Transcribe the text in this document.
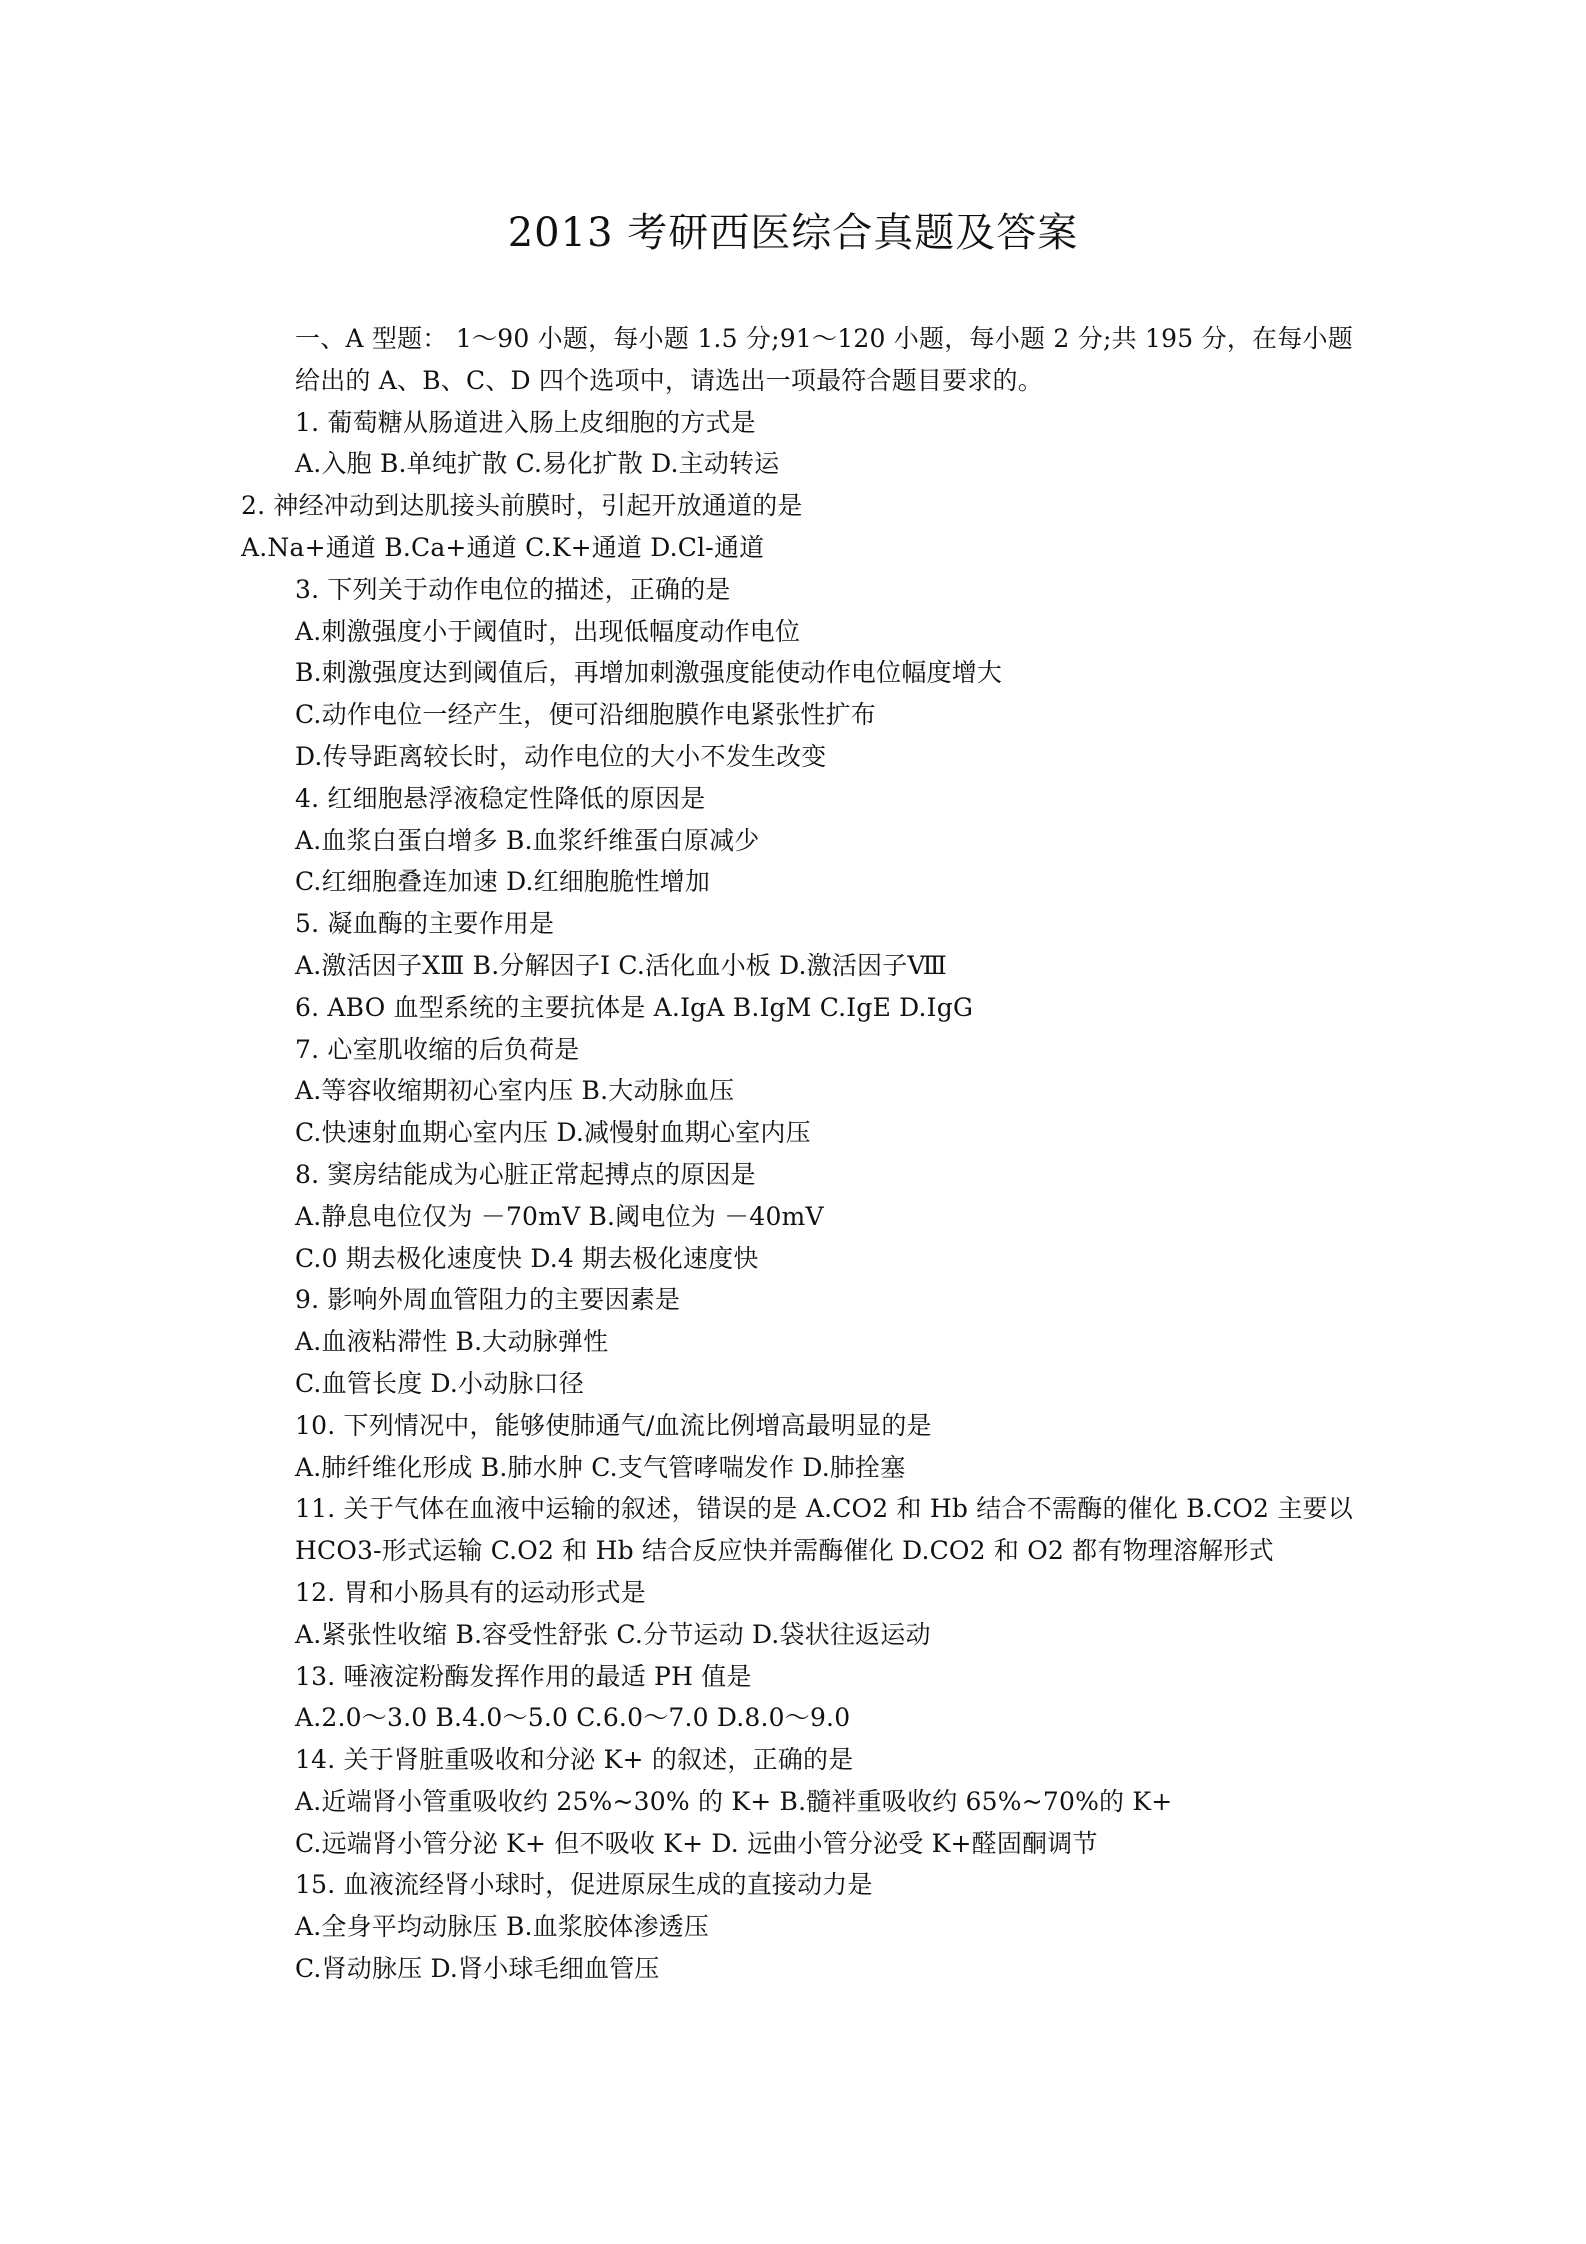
2013 考研西医综合真题及答案

一、A 型题： 1～90 小题，每小题 1.5 分;91～120 小题，每小题 2 分;共 195 分，在每小题给出的 A、B、C、D 四个选项中，请选出一项最符合题目要求的。

1. 葡萄糖从肠道进入肠上皮细胞的方式是

A.入胞 B.单纯扩散 C.易化扩散 D.主动转运

2. 神经冲动到达肌接头前膜时，引起开放通道的是

A.Na+通道 B.Ca+通道 C.K+通道 D.Cl-通道

3. 下列关于动作电位的描述，正确的是

A.刺激强度小于阈值时，出现低幅度动作电位

B.刺激强度达到阈值后，再增加刺激强度能使动作电位幅度增大

C.动作电位一经产生，便可沿细胞膜作电紧张性扩布

D.传导距离较长时，动作电位的大小不发生改变

4. 红细胞悬浮液稳定性降低的原因是

A.血浆白蛋白增多 B.血浆纤维蛋白原减少

C.红细胞叠连加速 D.红细胞脆性增加

5. 凝血酶的主要作用是

A.激活因子ⅩⅢ B.分解因子Ⅰ C.活化血小板 D.激活因子Ⅷ

6. ABO 血型系统的主要抗体是 A.IgA B.IgM C.IgE D.IgG

7. 心室肌收缩的后负荷是

A.等容收缩期初心室内压 B.大动脉血压

C.快速射血期心室内压 D.减慢射血期心室内压

8. 窦房结能成为心脏正常起搏点的原因是

A.静息电位仅为 －70mV B.阈电位为 －40mV

C.0 期去极化速度快 D.4 期去极化速度快

9. 影响外周血管阻力的主要因素是

A.血液粘滞性 B.大动脉弹性

C.血管长度 D.小动脉口径

10. 下列情况中，能够使肺通气/血流比例增高最明显的是

A.肺纤维化形成 B.肺水肿 C.支气管哮喘发作 D.肺拴塞

11. 关于气体在血液中运输的叙述，错误的是 A.CO2 和 Hb 结合不需酶的催化 B.CO2 主要以 HCO3-形式运输 C.O2 和 Hb 结合反应快并需酶催化 D.CO2 和 O2 都有物理溶解形式

12. 胃和小肠具有的运动形式是

A.紧张性收缩 B.容受性舒张 C.分节运动 D.袋状往返运动

13. 唾液淀粉酶发挥作用的最适 PH 值是

A.2.0～3.0 B.4.0～5.0 C.6.0～7.0 D.8.0～9.0

14. 关于肾脏重吸收和分泌 K+ 的叙述，正确的是

A.近端肾小管重吸收约 25%~30% 的 K+ B.髓袢重吸收约 65%~70%的 K+

C.远端肾小管分泌 K+ 但不吸收 K+ D. 远曲小管分泌受 K+醛固酮调节

15. 血液流经肾小球时，促进原尿生成的直接动力是

A.全身平均动脉压 B.血浆胶体渗透压

C.肾动脉压 D.肾小球毛细血管压
